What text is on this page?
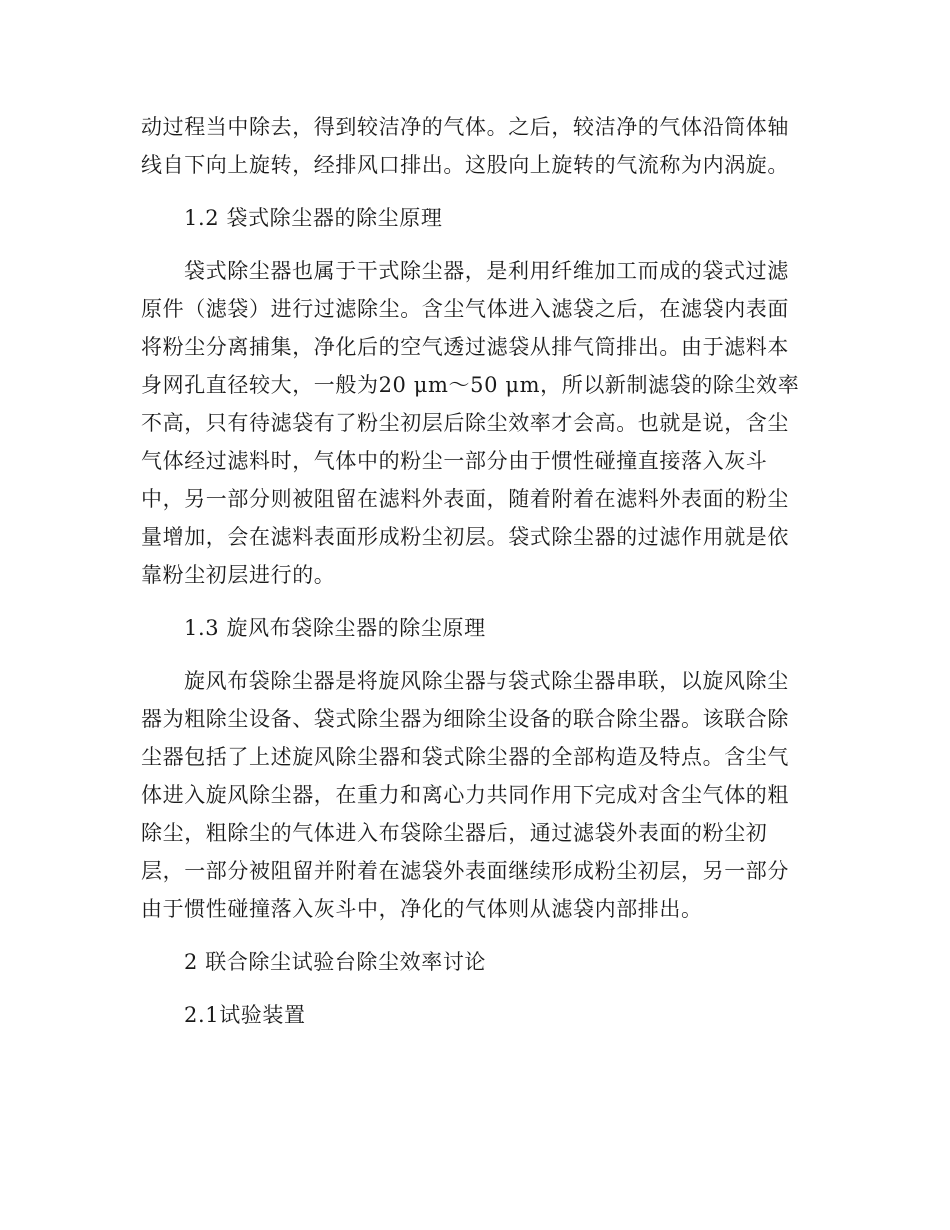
动过程当中除去，得到较洁净的气体。之后，较洁净的气体沿筒体轴
线自下向上旋转，经排风口排出。这股向上旋转的气流称为内涡旋。
1.2 袋式除尘器的除尘原理
袋式除尘器也属于干式除尘器，是利用纤维加工而成的袋式过滤
原件（滤袋）进行过滤除尘。含尘气体进入滤袋之后，在滤袋内表面
将粉尘分离捕集，净化后的空气透过滤袋从排气筒排出。由于滤料本
身网孔直径较大，一般为20 μm～50 μm，所以新制滤袋的除尘效率
不高，只有待滤袋有了粉尘初层后除尘效率才会高。也就是说，含尘
气体经过滤料时，气体中的粉尘一部分由于惯性碰撞直接落入灰斗
中，另一部分则被阻留在滤料外表面，随着附着在滤料外表面的粉尘
量增加，会在滤料表面形成粉尘初层。袋式除尘器的过滤作用就是依
靠粉尘初层进行的。
1.3 旋风布袋除尘器的除尘原理
旋风布袋除尘器是将旋风除尘器与袋式除尘器串联，以旋风除尘
器为粗除尘设备、袋式除尘器为细除尘设备的联合除尘器。该联合除
尘器包括了上述旋风除尘器和袋式除尘器的全部构造及特点。含尘气
体进入旋风除尘器，在重力和离心力共同作用下完成对含尘气体的粗
除尘，粗除尘的气体进入布袋除尘器后，通过滤袋外表面的粉尘初
层，一部分被阻留并附着在滤袋外表面继续形成粉尘初层，另一部分
由于惯性碰撞落入灰斗中，净化的气体则从滤袋内部排出。
2 联合除尘试验台除尘效率讨论
2.1试验装置
